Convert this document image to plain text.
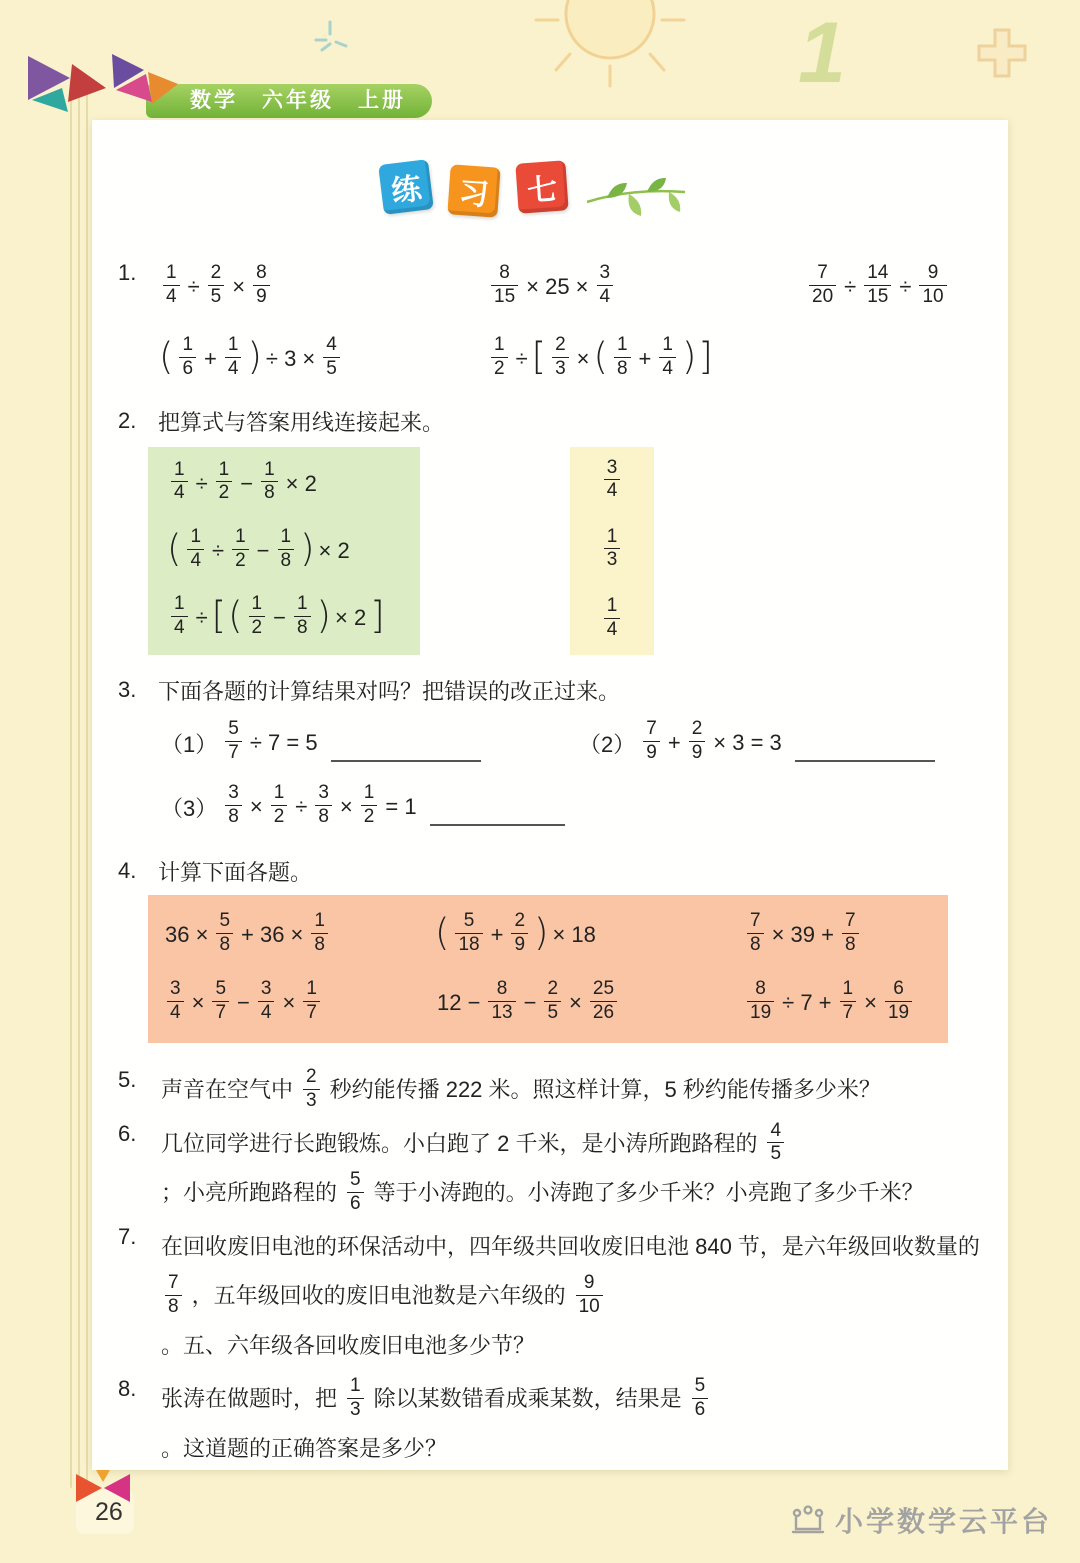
1
数学　六年级　上册
练	习	七
1.	$\frac{1}{4} \div \frac{2}{5} \times \frac{8}{9}$	$\frac{8}{15} \times 25 \times \frac{3}{4}$	$\frac{7}{20} \div \frac{14}{15} \div \frac{9}{10}$
( $\frac{1}{6} + \frac{1}{4}$ ) ÷ $3 \times \frac{4}{5}$	$\frac{1}{2}$ ÷ [ $\frac{2}{3}$ × ( $\frac{1}{8} + \frac{1}{4}$ ) ]
2. 把算式与答案用线连接起来。
$\frac{1}{4} \div \frac{1}{2} - \frac{1}{8} \times 2$
( $\frac{1}{4} \div \frac{1}{2} - \frac{1}{8}$ ) × 2
$\frac{1}{4}$ ÷ [ ( $\frac{1}{2} - \frac{1}{8}$ ) × 2 ]
$\frac{3}{4}$
$\frac{1}{3}$
$\frac{1}{4}$
3. 下面各题的计算结果对吗？把错误的改正过来。
$(1) \frac{5}{7} \div 7 = 5$	$(2) \frac{7}{9} + \frac{2}{9} \times 3 = 3$
$(3) \frac{3}{8} \times \frac{1}{2} \div \frac{3}{8} \times \frac{1}{2} = 1$
4. 计算下面各题。
$36 \times \frac{5}{8} + 36 \times \frac{1}{8}$	( $\frac{5}{18} + \frac{2}{9}$ ) × 18	$\frac{7}{8} \times 39 + \frac{7}{8}$
$\frac{3}{4} \times \frac{5}{7} - \frac{3}{4} \times \frac{1}{7}$	$12 - \frac{8}{13} - \frac{2}{5} \times \frac{25}{26}$	$\frac{8}{19} \div 7 + \frac{1}{7} \times \frac{6}{19}$
5.	声音在空气中 $\frac{2}{3}$ 秒约能传播 222 米。照这样计算，5 秒约能传播多少米？
6.	几位同学进行长跑锻炼。小白跑了 2 千米，是小涛所跑路程的 $\frac{4}{5}$
；小亮所跑路程的 $\frac{5}{6}$ 等于小涛跑的。小涛跑了多少千米？小亮跑了多少千米？
7.	在回收废旧电池的环保活动中，四年级共回收废旧电池 840 节，是六年级回收数量的
$\frac{7}{8}$ ，五年级回收的废旧电池数是六年级的 $\frac{9}{10}$
。五、六年级各回收废旧电池多少节？
8.	张涛在做题时，把 $\frac{1}{3}$ 除以某数错看成乘某数，结果是 $\frac{5}{6}$
。这道题的正确答案是多少？
26	小学数学云平台
